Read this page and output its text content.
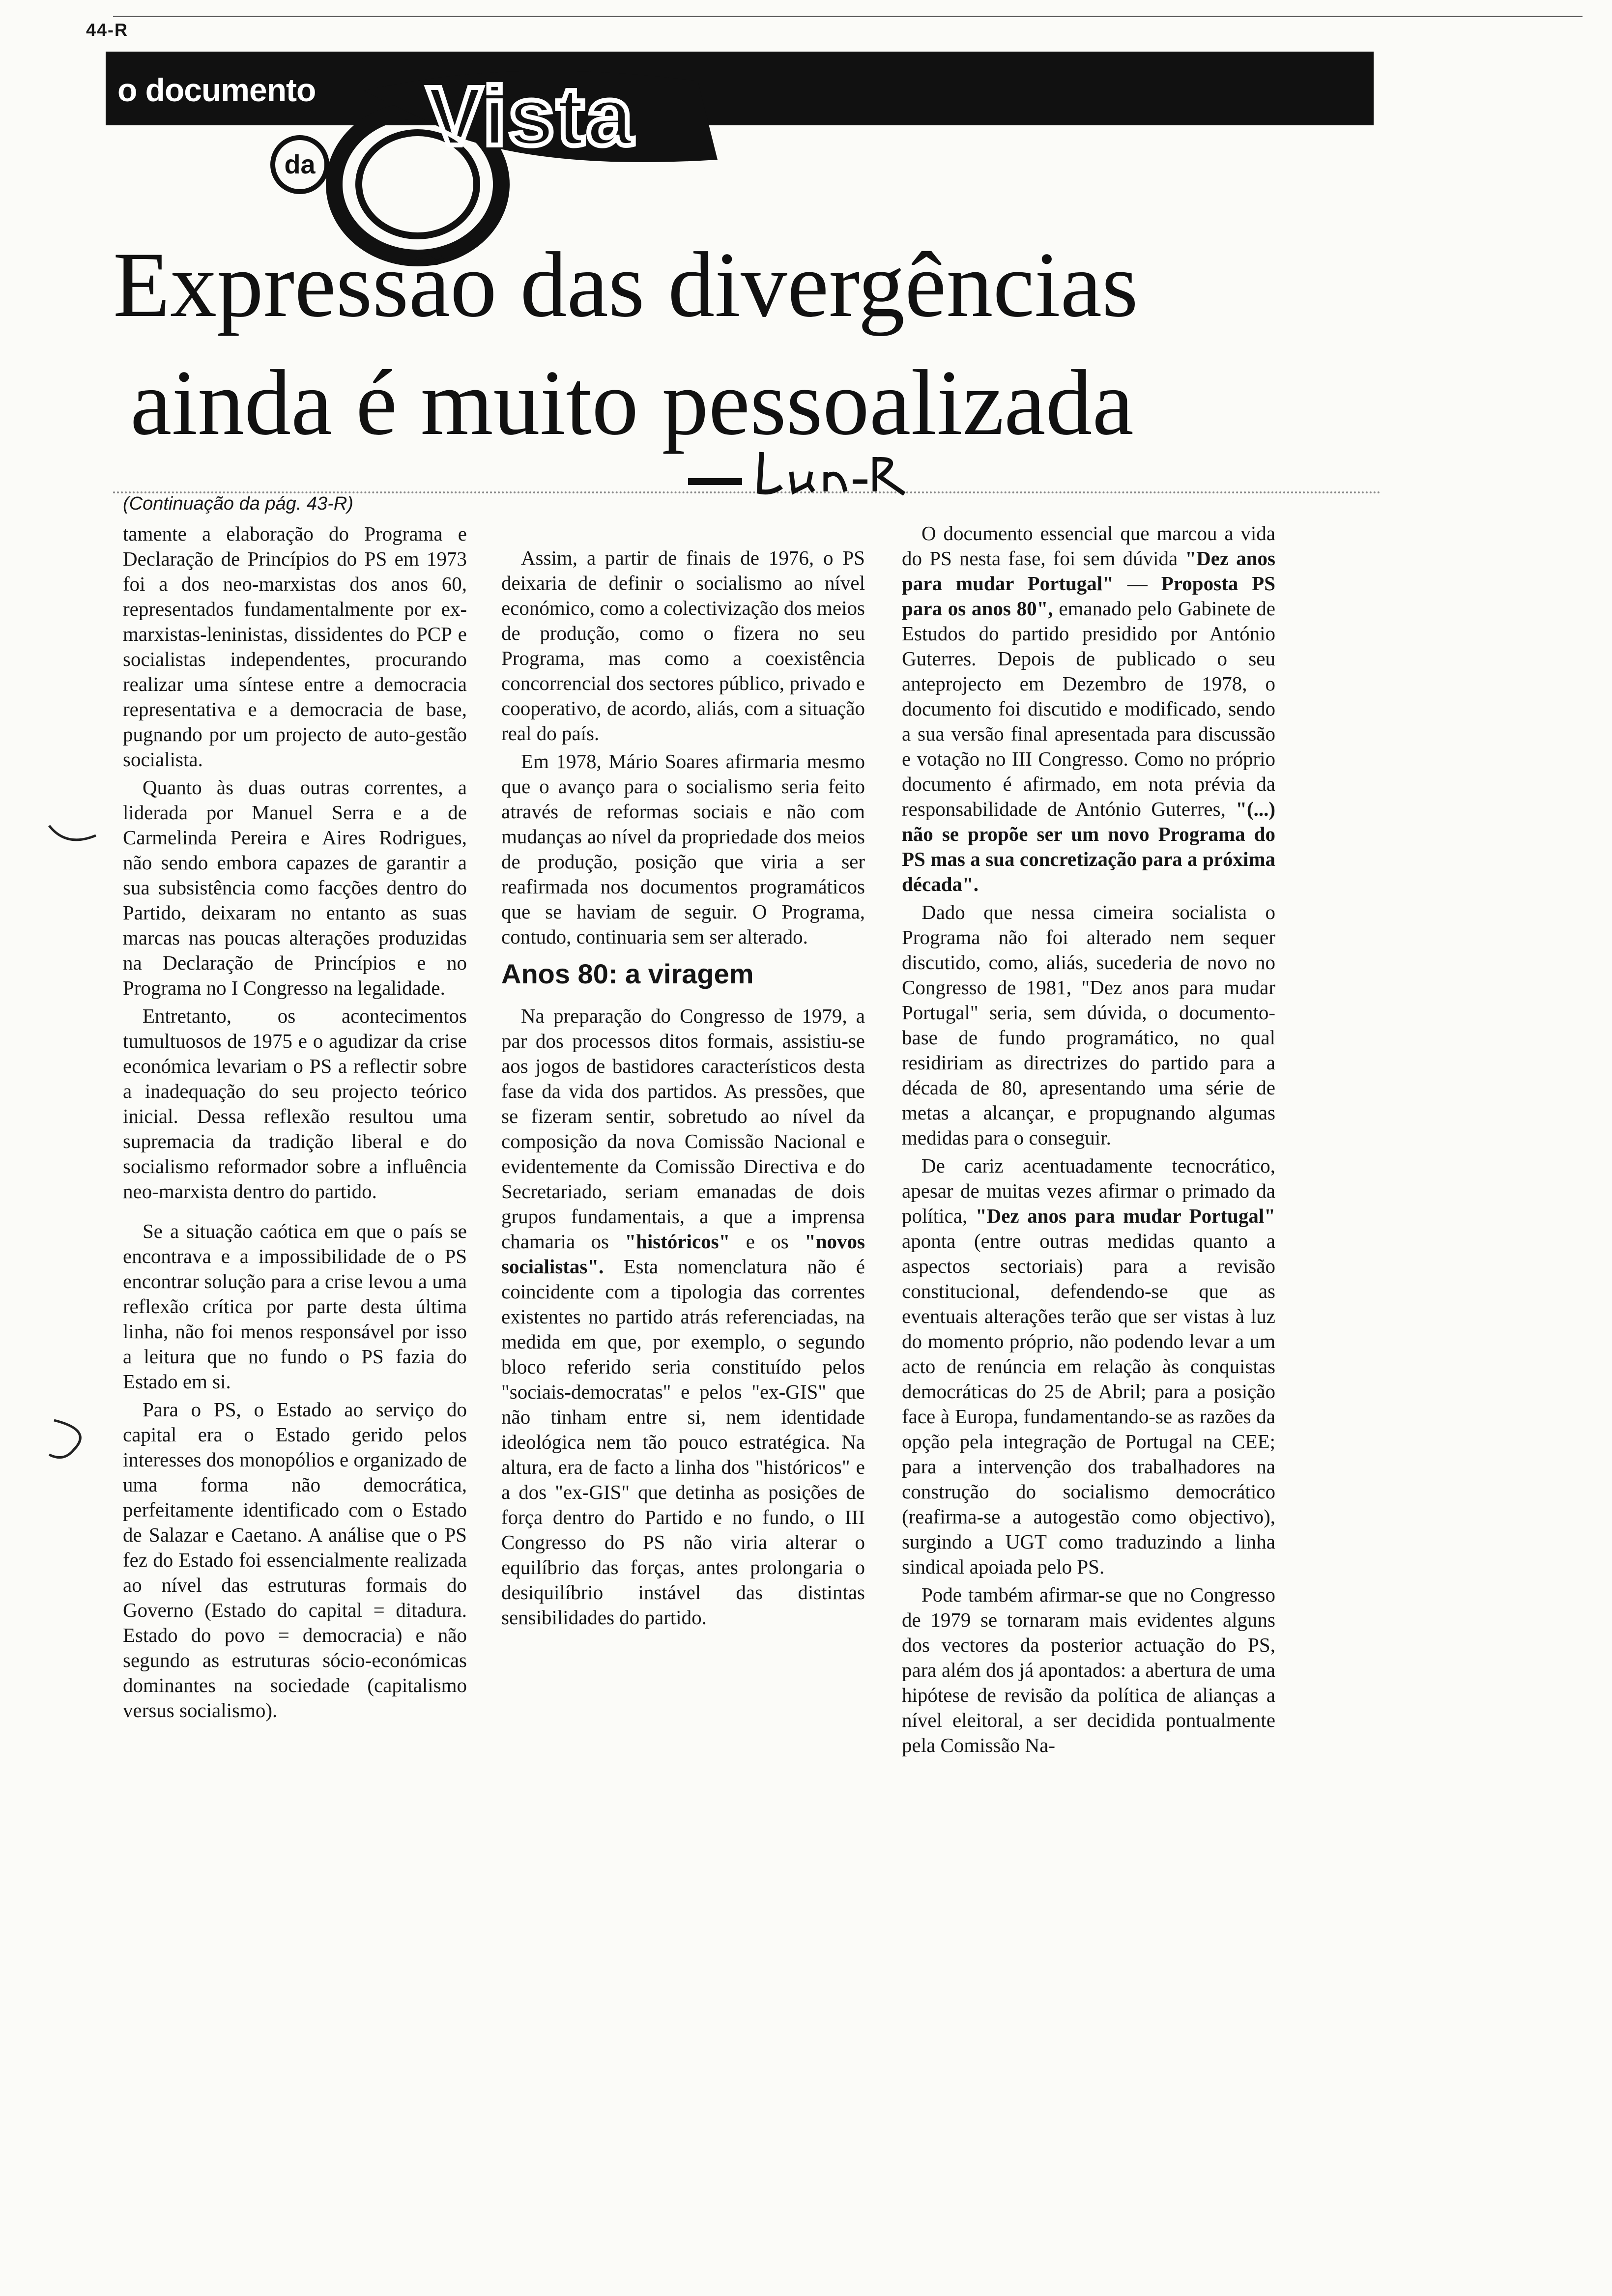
44-R
o documento
da
Vista
Expressão das divergências
ainda é muito pessoalizada
(Continuação da pág. 43-R)

tamente a elaboração do Programa e Declaração de Princípios do PS em 1973 foi a dos neo-marxistas dos anos 60, representados fundamentalmente por ex-marxistas-leninistas, dissidentes do PCP e socialistas independentes, procurando realizar uma síntese entre a democracia representativa e a democracia de base, pugnando por um projecto de auto-gestão socialista.

Quanto às duas outras correntes, a liderada por Manuel Serra e a de Carmelinda Pereira e Aires Rodrigues, não sendo embora capazes de garantir a sua subsistência como facções dentro do Partido, deixaram no entanto as suas marcas nas poucas alterações produzidas na Declaração de Princípios e no Programa no I Congresso na legalidade.

Entretanto, os acontecimentos tumultuosos de 1975 e o agudizar da crise económica levariam o PS a reflectir sobre a inadequação do seu projecto teórico inicial. Dessa reflexão resultou uma supremacia da tradição liberal e do socialismo reformador sobre a influência neo-marxista dentro do partido.

Se a situação caótica em que o país se encontrava e a impossibilidade de o PS encontrar solução para a crise levou a uma reflexão crítica por parte desta última linha, não foi menos responsável por isso a leitura que no fundo o PS fazia do Estado em si.

Para o PS, o Estado ao serviço do capital era o Estado gerido pelos interesses dos monopólios e organizado de uma forma não democrática, perfeitamente identificado com o Estado de Salazar e Caetano. A análise que o PS fez do Estado foi essencialmente realizada ao nível das estruturas formais do Governo (Estado do capital = ditadura. Estado do povo = democracia) e não segundo as estruturas sócio-económicas dominantes na sociedade (capitalismo versus socialismo).

Assim, a partir de finais de 1976, o PS deixaria de definir o socialismo ao nível económico, como a colectivização dos meios de produção, como o fizera no seu Programa, mas como a coexistência concorrencial dos sectores público, privado e cooperativo, de acordo, aliás, com a situação real do país.

Em 1978, Mário Soares afirmaria mesmo que o avanço para o socialismo seria feito através de reformas sociais e não com mudanças ao nível da propriedade dos meios de produção, posição que viria a ser reafirmada nos documentos programáticos que se haviam de seguir. O Programa, contudo, continuaria sem ser alterado.

Anos 80: a viragem

Na preparação do Congresso de 1979, a par dos processos ditos formais, assistiu-se aos jogos de bastidores característicos desta fase da vida dos partidos. As pressões, que se fizeram sentir, sobretudo ao nível da composição da nova Comissão Nacional e evidentemente da Comissão Directiva e do Secretariado, seriam emanadas de dois grupos fundamentais, a que a imprensa chamaria os "históricos" e os "novos socialistas". Esta nomenclatura não é coincidente com a tipologia das correntes existentes no partido atrás referenciadas, na medida em que, por exemplo, o segundo bloco referido seria constituído pelos "sociais-democratas" e pelos "ex-GIS" que não tinham entre si, nem identidade ideológica nem tão pouco estratégica. Na altura, era de facto a linha dos "históricos" e a dos "ex-GIS" que detinha as posições de força dentro do Partido e no fundo, o III Congresso do PS não viria alterar o equilíbrio das forças, antes prolongaria o desiquilíbrio instável das distintas sensibilidades do partido.

O documento essencial que marcou a vida do PS nesta fase, foi sem dúvida "Dez anos para mudar Portugal" — Proposta PS para os anos 80", emanado pelo Gabinete de Estudos do partido presidido por António Guterres. Depois de publicado o seu anteprojecto em Dezembro de 1978, o documento foi discutido e modificado, sendo a sua versão final apresentada para discussão e votação no III Congresso. Como no próprio documento é afirmado, em nota prévia da responsabilidade de António Guterres, "(...) não se propõe ser um novo Programa do PS mas a sua concretização para a próxima década".

Dado que nessa cimeira socialista o Programa não foi alterado nem sequer discutido, como, aliás, sucederia de novo no Congresso de 1981, "Dez anos para mudar Portugal" seria, sem dúvida, o documento-base de fundo programático, no qual residiriam as directrizes do partido para a década de 80, apresentando uma série de metas a alcançar, e propugnando algumas medidas para o conseguir.

De cariz acentuadamente tecnocrático, apesar de muitas vezes afirmar o primado da política, "Dez anos para mudar Portugal" aponta (entre outras medidas quanto a aspectos sectoriais) para a revisão constitucional, defendendo-se que as eventuais alterações terão que ser vistas à luz do momento próprio, não podendo levar a um acto de renúncia em relação às conquistas democráticas do 25 de Abril; para a posição face à Europa, fundamentando-se as razões da opção pela integração de Portugal na CEE; para a intervenção dos trabalhadores na construção do socialismo democrático (reafirma-se a autogestão como objectivo), surgindo a UGT como traduzindo a linha sindical apoiada pelo PS.

Pode também afirmar-se que no Congresso de 1979 se tornaram mais evidentes alguns dos vectores da posterior actuação do PS, para além dos já apontados: a abertura de uma hipótese de revisão da política de alianças a nível eleitoral, a ser decidida pontualmente pela Comissão Na-
